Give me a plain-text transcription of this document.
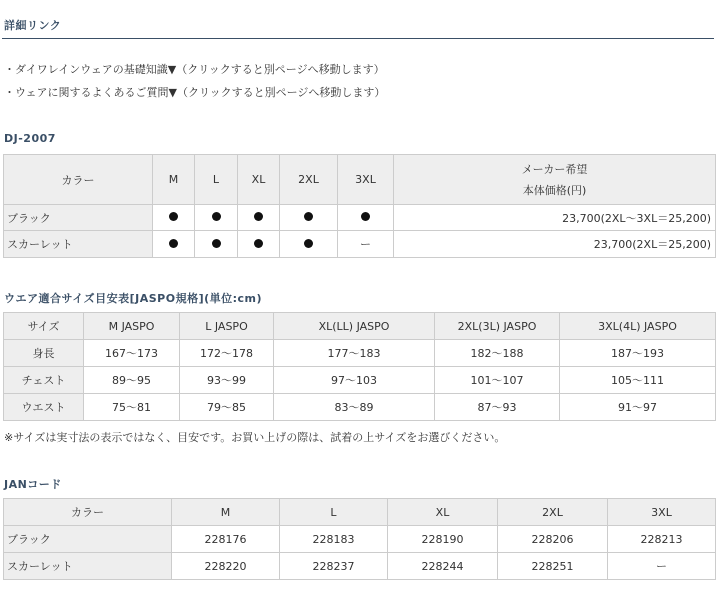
詳細リンク
・ダイワレインウェアの基礎知識▼（クリックすると別ページへ移動します）
・ウェアに関するよくあるご質問▼（クリックすると別ページへ移動します）
DJ-2007
カラー	M	L	XL	2XL	3XL	メーカー希望
本体価格(円)

ブラック						23,700(2XL～3XL＝25,200)
スカーレット					ー	23,700(2XL＝25,200)
ウエア適合サイズ目安表[JASPO規格](単位:cm)
サイズ	M JASPO	L JASPO	XL(LL) JASPO	2XL(3L) JASPO	3XL(4L) JASPO
身長	167～173	172～178	177～183	182～188	187～193
チェスト	89～95	93～99	97～103	101～107	105～111
ウエスト	75～81	79～85	83～89	87～93	91～97
※サイズは実寸法の表示ではなく、目安です。お買い上げの際は、試着の上サイズをお選びください。
JANコード
カラー	M	L	XL	2XL	3XL
ブラック	228176	228183	228190	228206	228213
スカーレット	228220	228237	228244	228251	ー
